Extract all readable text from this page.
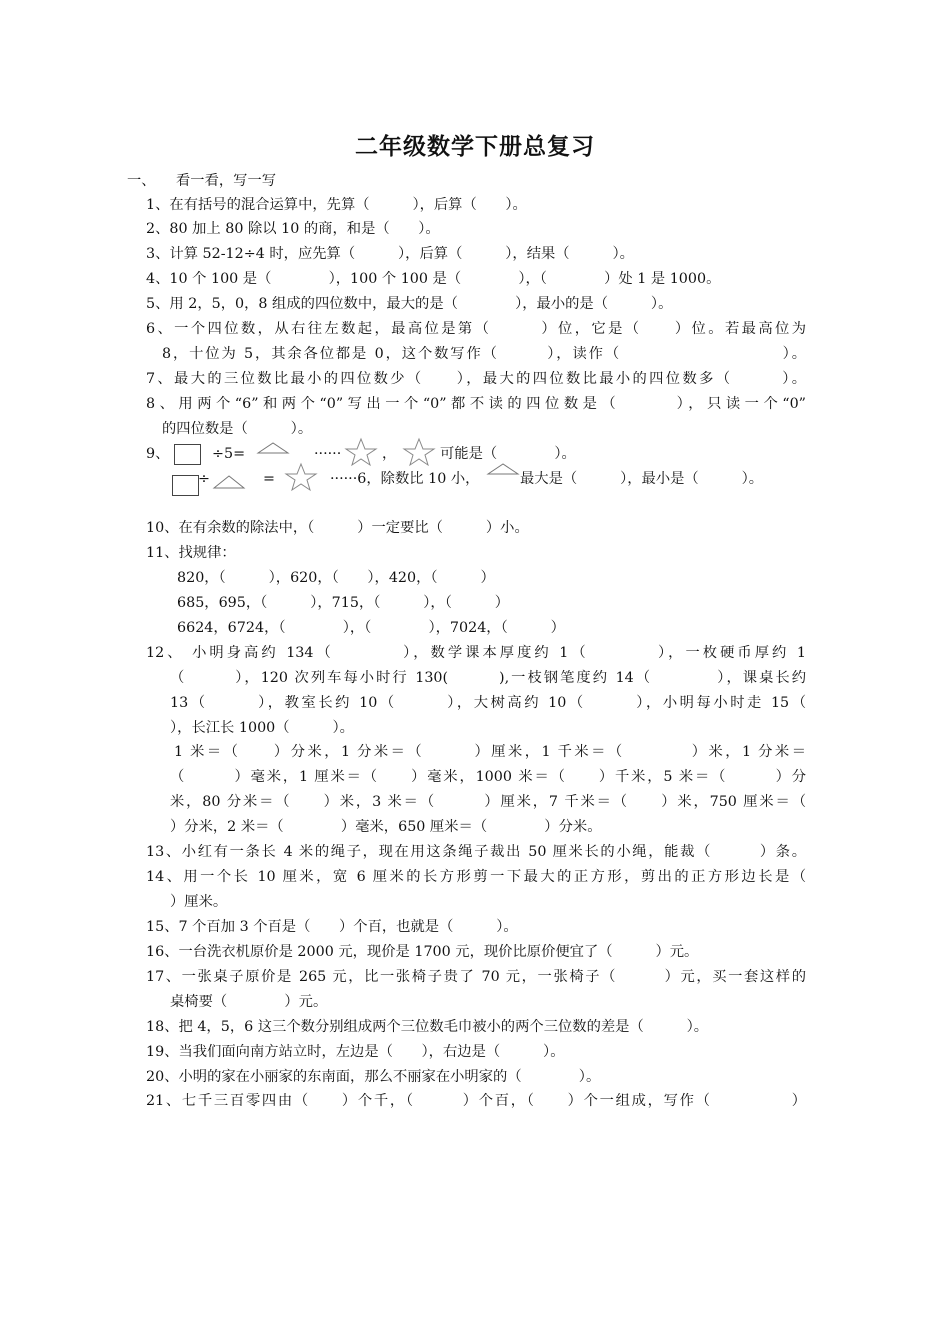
二年级数学下册总复习
一、 看一看，写一写
1、在有括号的混合运算中，先算（　　　），后算（　　）。
2、80 加上 80 除以 10 的商，和是（　　）。
3、计算 52-12÷4 时，应先算（　　　），后算（　　　），结果（　　　）。
4、10 个 100 是（　　　　），100 个 100 是（　　　　），（　　　　）处 1 是 1000。
5、用 2，5，0，8 组成的四位数中，最大的是（　　　　），最小的是（　　　）。
6、一个四位数，从右往左数起，最高位是第（　　　）位，它是（　　）位。若最高位为
8，十位为 5，其余各位都是 0，这个数写作（　　　），读作（　　　　　　　　　　）。
7、最大的三位数比最小的四位数少（　　），最大的四位数比最小的四位数多（　　　）。
8、用两个“6”和两个“0”写出一个“0”都不读的四位数是（　　　），只读一个“0”
的四位数是（　　　）。
9、	÷5=	······	，	可能是（　　　　）。
÷	=	······6，除数比 10 小，	最大是（　　　），最小是（　　　）。
10、在有余数的除法中，（　　　）一定要比（　　　）小。
11、找规律：
820，（　　　），620，（　　），420，（　　　）
685，695，（　　　），715，（　　　），（　　　）
6624，6724，（　　　　），（　　　　），7024，（　　　）
12、 小明身高约 134（　　　　），数学课本厚度约 1（　　　　），一枚硬币厚约 1
（　　　），120 次列车每小时行 130(　　　),一枝钢笔度约 14（　　　　），课桌长约
13（　　　），教室长约 10（　　　），大树高约 10（　　　），小明每小时走 15（
），长江长 1000（　　　）。
1 米＝（　　）分米，1 分米＝（　　　）厘米，1 千米＝（　　　　）米，1 分米＝
（　　　）毫米，1 厘米＝（　　）毫米，1000 米＝（　　）千米，5 米＝（　　　）分
米，80 分米＝（　　）米，3 米＝（　　　）厘米，7 千米＝（　　）米，750 厘米＝（
）分米，2 米＝（　　　　）毫米，650 厘米＝（　　　　）分米。
13、小红有一条长 4 米的绳子，现在用这条绳子裁出 50 厘米长的小绳，能裁（　　　）条。
14、用一个长 10 厘米，宽 6 厘米的长方形剪一下最大的正方形，剪出的正方形边长是（
）厘米。
15、7 个百加 3 个百是（　　）个百，也就是（　　　）。
16、一台洗衣机原价是 2000 元，现价是 1700 元，现价比原价便宜了（　　　）元。
17、一张桌子原价是 265 元，比一张椅子贵了 70 元，一张椅子（　　　）元，买一套这样的
桌椅要（　　　　）元。
18、把 4，5，6 这三个数分别组成两个三位数毛巾被小的两个三位数的差是（　　　）。
19、当我们面向南方站立时，左边是（　　），右边是（　　　）。
20、小明的家在小丽家的东南面，那么不丽家在小明家的（　　　　）。
21、七千三百零四由（　　）个千，（　　　）个百，（　　）个一组成，写作（　　　　　）
